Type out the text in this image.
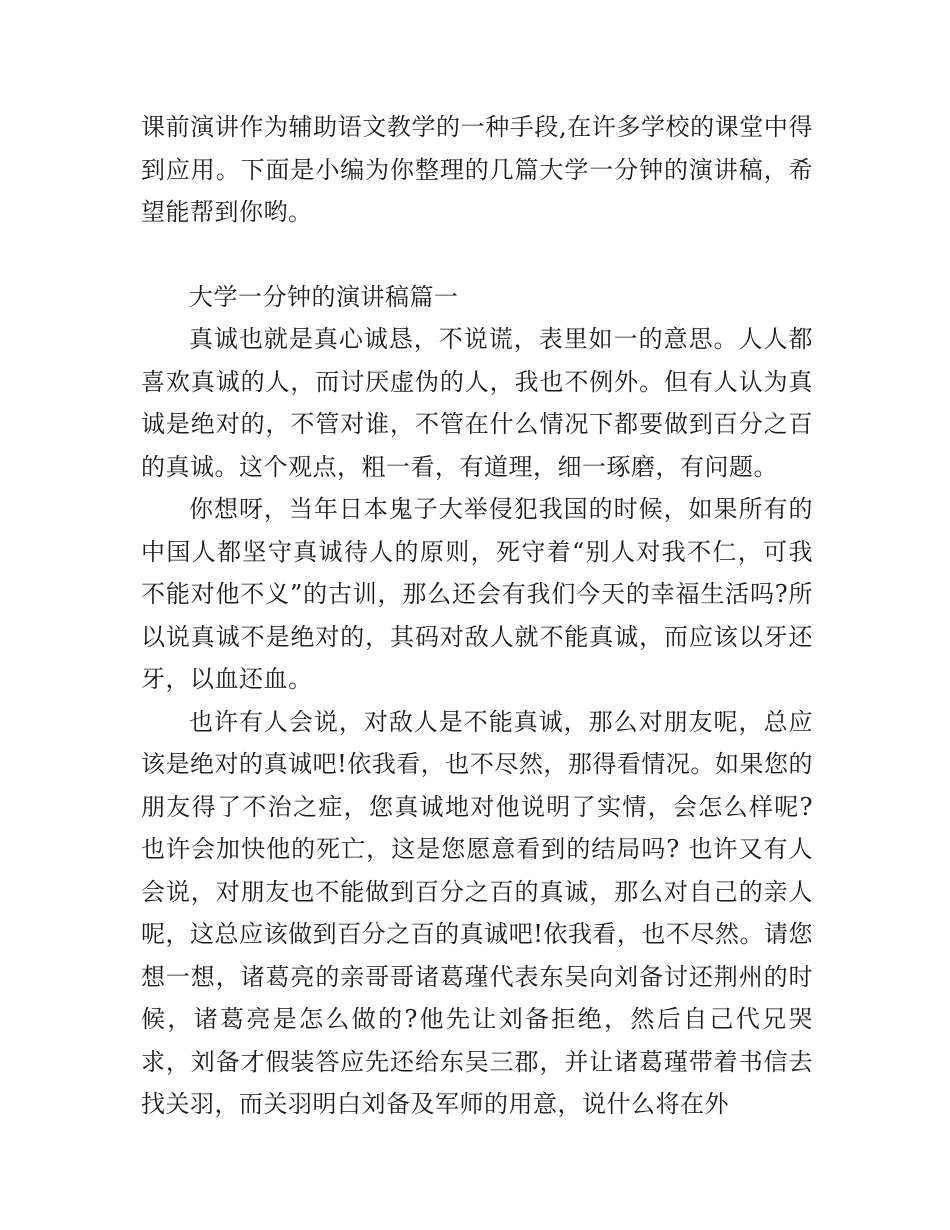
课前演讲作为辅助语文教学的一种手段,在许多学校的课堂中得到应用。下面是小编为你整理的几篇大学一分钟的演讲稿，希望能帮到你哟。

大学一分钟的演讲稿篇一

真诚也就是真心诚恳，不说谎，表里如一的意思。人人都喜欢真诚的人，而讨厌虚伪的人，我也不例外。但有人认为真诚是绝对的，不管对谁，不管在什么情况下都要做到百分之百的真诚。这个观点，粗一看，有道理，细一琢磨，有问题。

你想呀，当年日本鬼子大举侵犯我国的时候，如果所有的中国人都坚守真诚待人的原则，死守着“别人对我不仁，可我不能对他不义”的古训，那么还会有我们今天的幸福生活吗?所以说真诚不是绝对的，其码对敌人就不能真诚，而应该以牙还牙，以血还血。

也许有人会说，对敌人是不能真诚，那么对朋友呢，总应该是绝对的真诚吧!依我看，也不尽然，那得看情况。如果您的朋友得了不治之症，您真诚地对他说明了实情，会怎么样呢?也许会加快他的死亡，这是您愿意看到的结局吗? 也许又有人会说，对朋友也不能做到百分之百的真诚，那么对自己的亲人呢，这总应该做到百分之百的真诚吧!依我看，也不尽然。请您想一想，诸葛亮的亲哥哥诸葛瑾代表东吴向刘备讨还荆州的时候，诸葛亮是怎么做的?他先让刘备拒绝，然后自己代兄哭求，刘备才假装答应先还给东吴三郡，并让诸葛瑾带着书信去找关羽，而关羽明白刘备及军师的用意，说什么将在外
